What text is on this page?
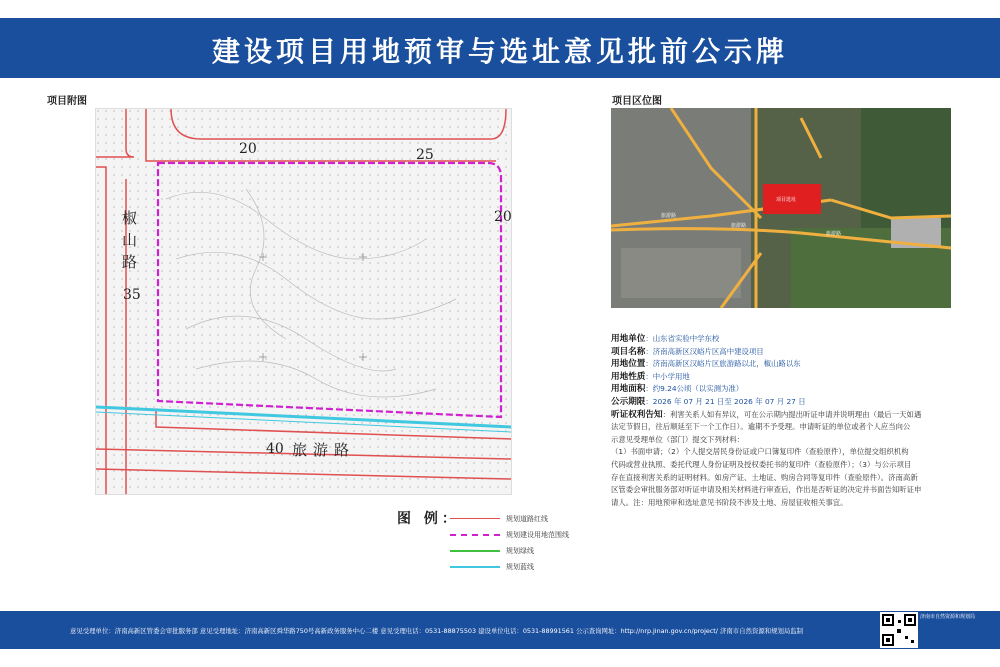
建设项目用地预审与选址意见批前公示牌
项目附图	项目区位图
20	25
20
35
40
椒山路
旅游路
项目选址
旅游路
旅游路
旅游路
用地单位：山东省实验中学东校
项目名称：济南高新区汉峪片区高中建设项目
用地位置：济南高新区汉峪片区旅游路以北，椒山路以东
用地性质：中小学用地
用地面积：约9.24公顷（以实测为准）
公示期限：2026 年 07 月 21 日至 2026 年 07 月 27 日
听证权利告知：利害关系人如有异议，可在公示期内提出听证申请并说明理由（最后一天如遇
法定节假日，往后顺延至下一个工作日）。逾期不予受理。申请听证的单位或者个人应当向公
示意见受理单位（部门）提交下列材料：
（1）书面申请；（2）个人提交居民身份证或户口簿复印件（查验原件），单位提交组织机构
代码或营业执照、委托代理人身份证明及授权委托书的复印件（查验原件）；（3）与公示项目
存在直接利害关系的证明材料。如房产证、土地证、购房合同等复印件（查验原件）。济南高新
区管委会审批服务部对听证申请及相关材料进行审查后，作出是否听证的决定并书面告知听证申
请人。注：用地预审和选址意见书阶段不涉及土地、房屋征收相关事宜。
图 例：	规划道路红线
规划建设用地范围线
规划绿线
规划蓝线
意见受理单位：济南高新区管委会审批服务部 意见受理地址：济南高新区舜华路750号高新政务服务中心二楼 意见受理电话：0531-88875503 建设单位电话：0531-88991561 公示查询网址：http://nrp.jinan.gov.cn/project/ 济南市自然资源和规划局监制
济南市自然资源和规划局
